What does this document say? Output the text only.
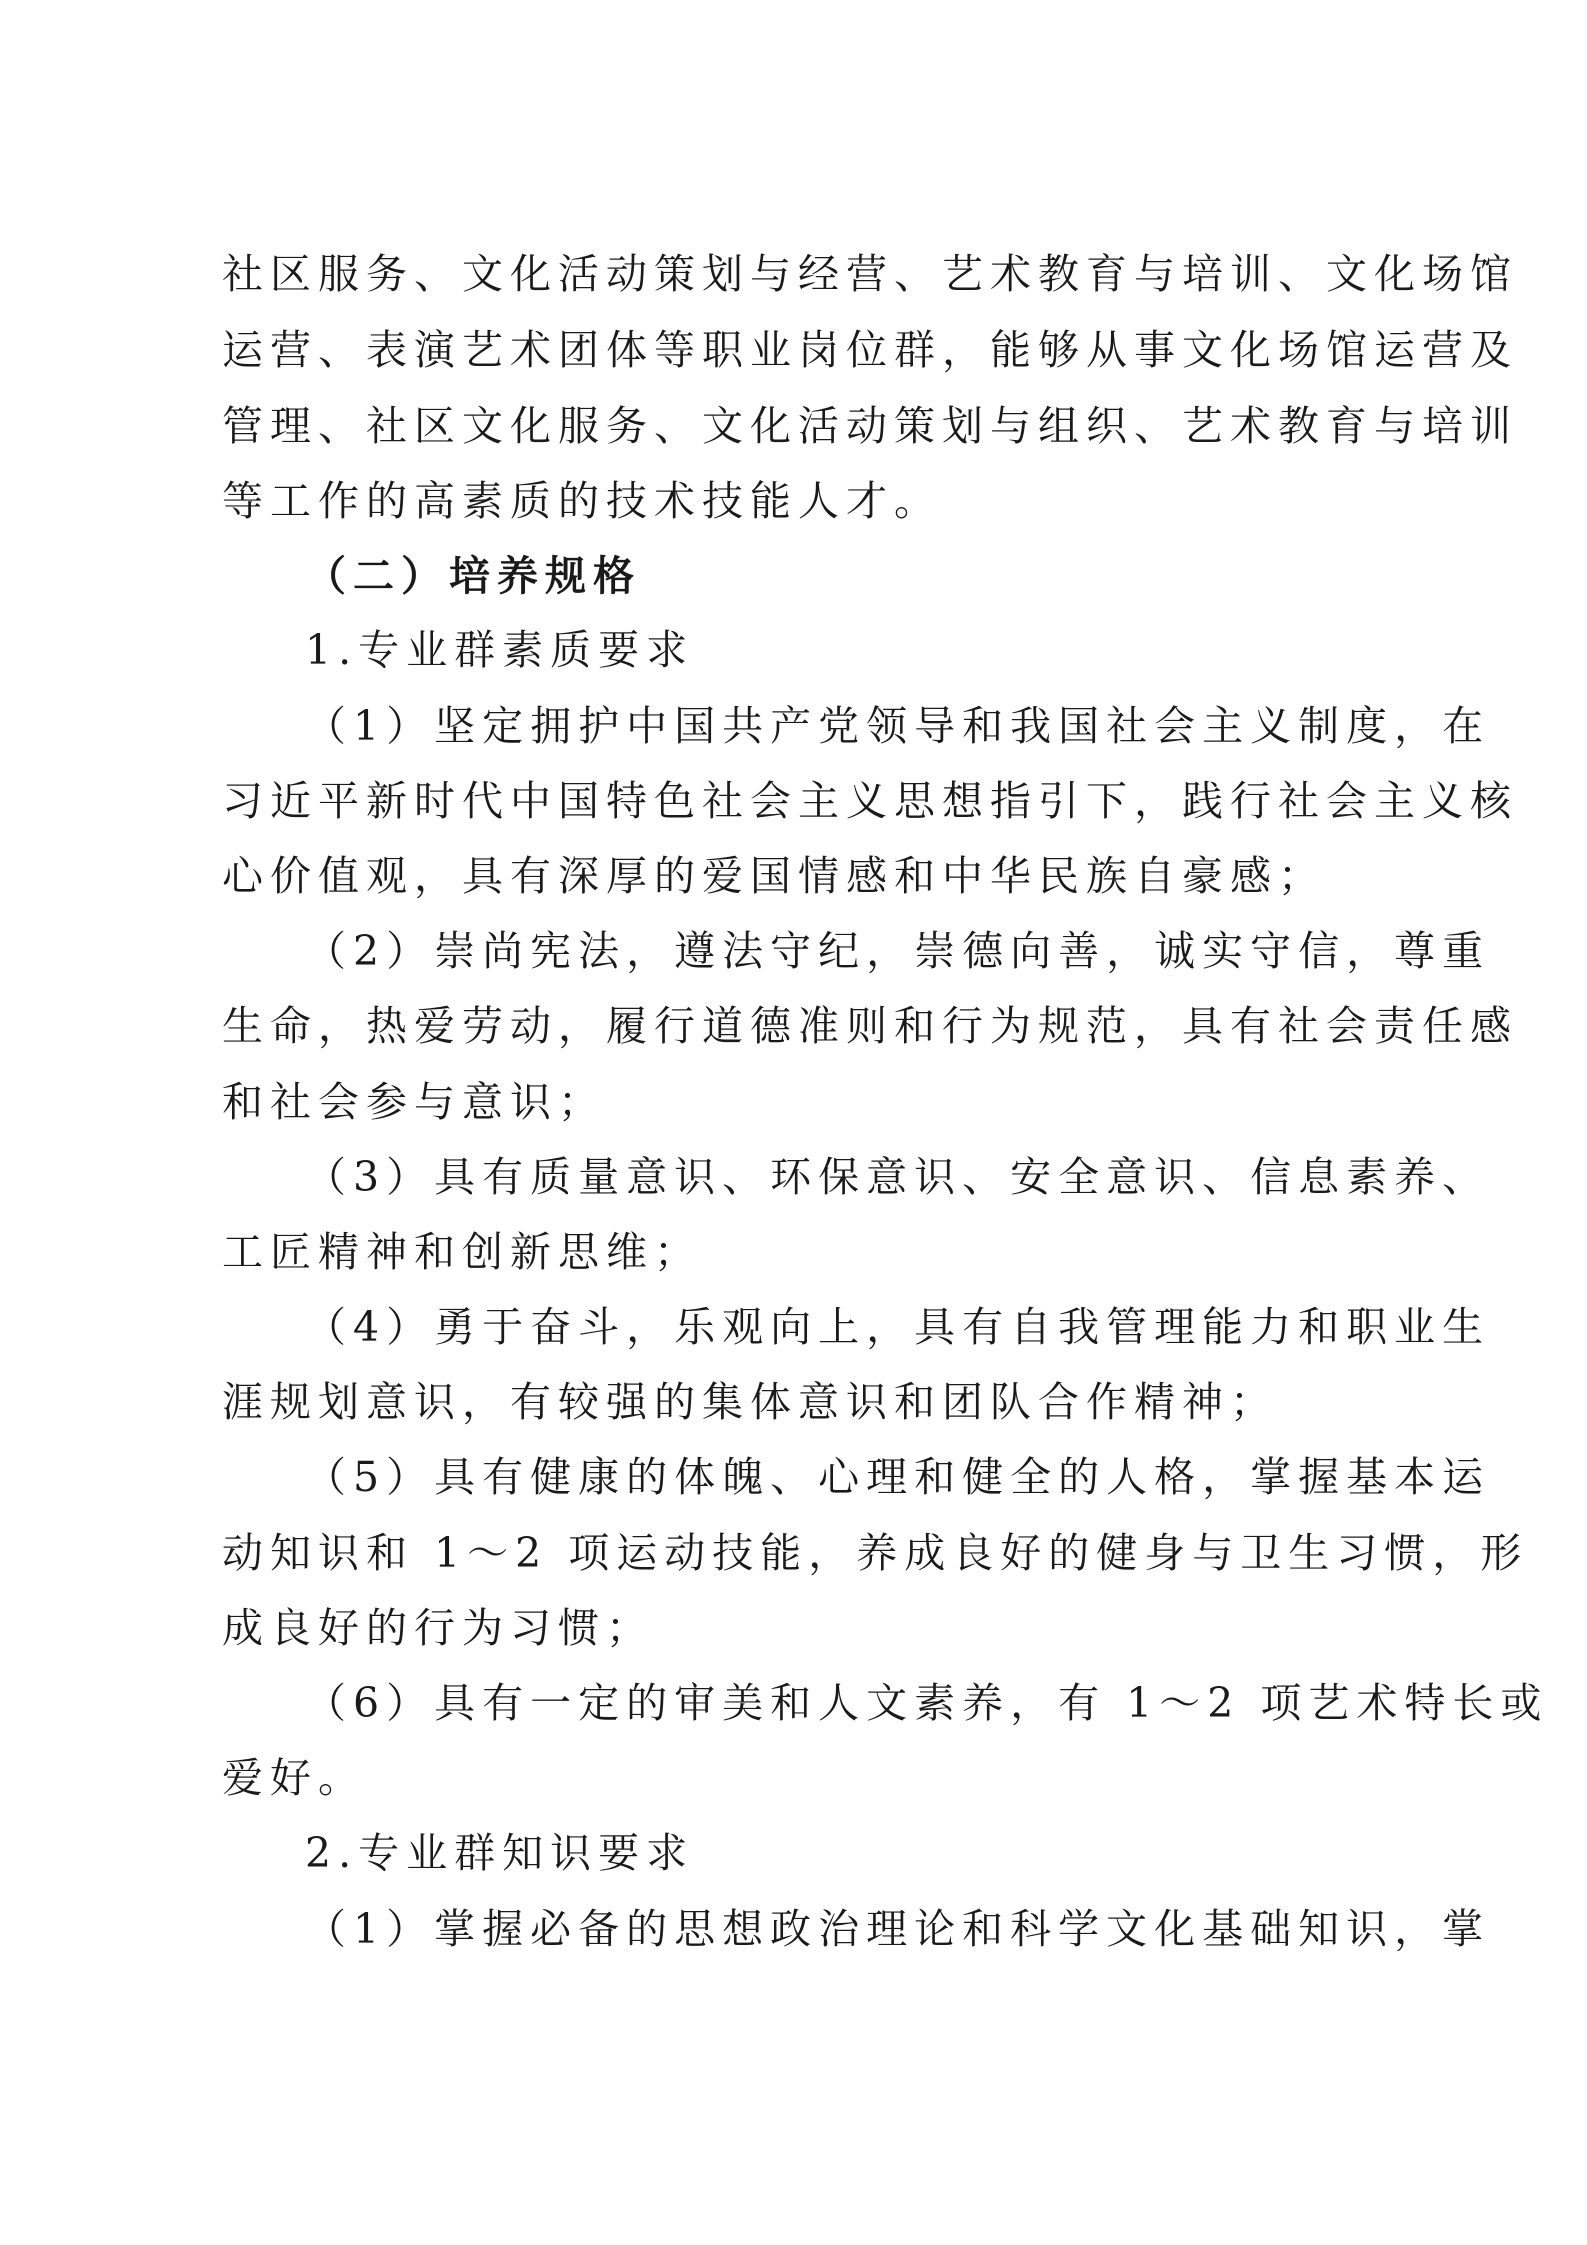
社区服务、文化活动策划与经营、艺术教育与培训、文化场馆
运营、表演艺术团体等职业岗位群，能够从事文化场馆运营及
管理、社区文化服务、文化活动策划与组织、艺术教育与培训
等工作的高素质的技术技能人才。
（二）培养规格
1.专业群素质要求
（1）坚定拥护中国共产党领导和我国社会主义制度，在
习近平新时代中国特色社会主义思想指引下，践行社会主义核
心价值观，具有深厚的爱国情感和中华民族自豪感；
（2）崇尚宪法，遵法守纪，崇德向善，诚实守信，尊重
生命，热爱劳动，履行道德准则和行为规范，具有社会责任感
和社会参与意识；
（3）具有质量意识、环保意识、安全意识、信息素养、
工匠精神和创新思维；
（4）勇于奋斗，乐观向上，具有自我管理能力和职业生
涯规划意识，有较强的集体意识和团队合作精神；
（5）具有健康的体魄、心理和健全的人格，掌握基本运
动知识和 1～2 项运动技能，养成良好的健身与卫生习惯，形
成良好的行为习惯；
（6）具有一定的审美和人文素养，有 1～2 项艺术特长或
爱好。
2.专业群知识要求
（1）掌握必备的思想政治理论和科学文化基础知识，掌
